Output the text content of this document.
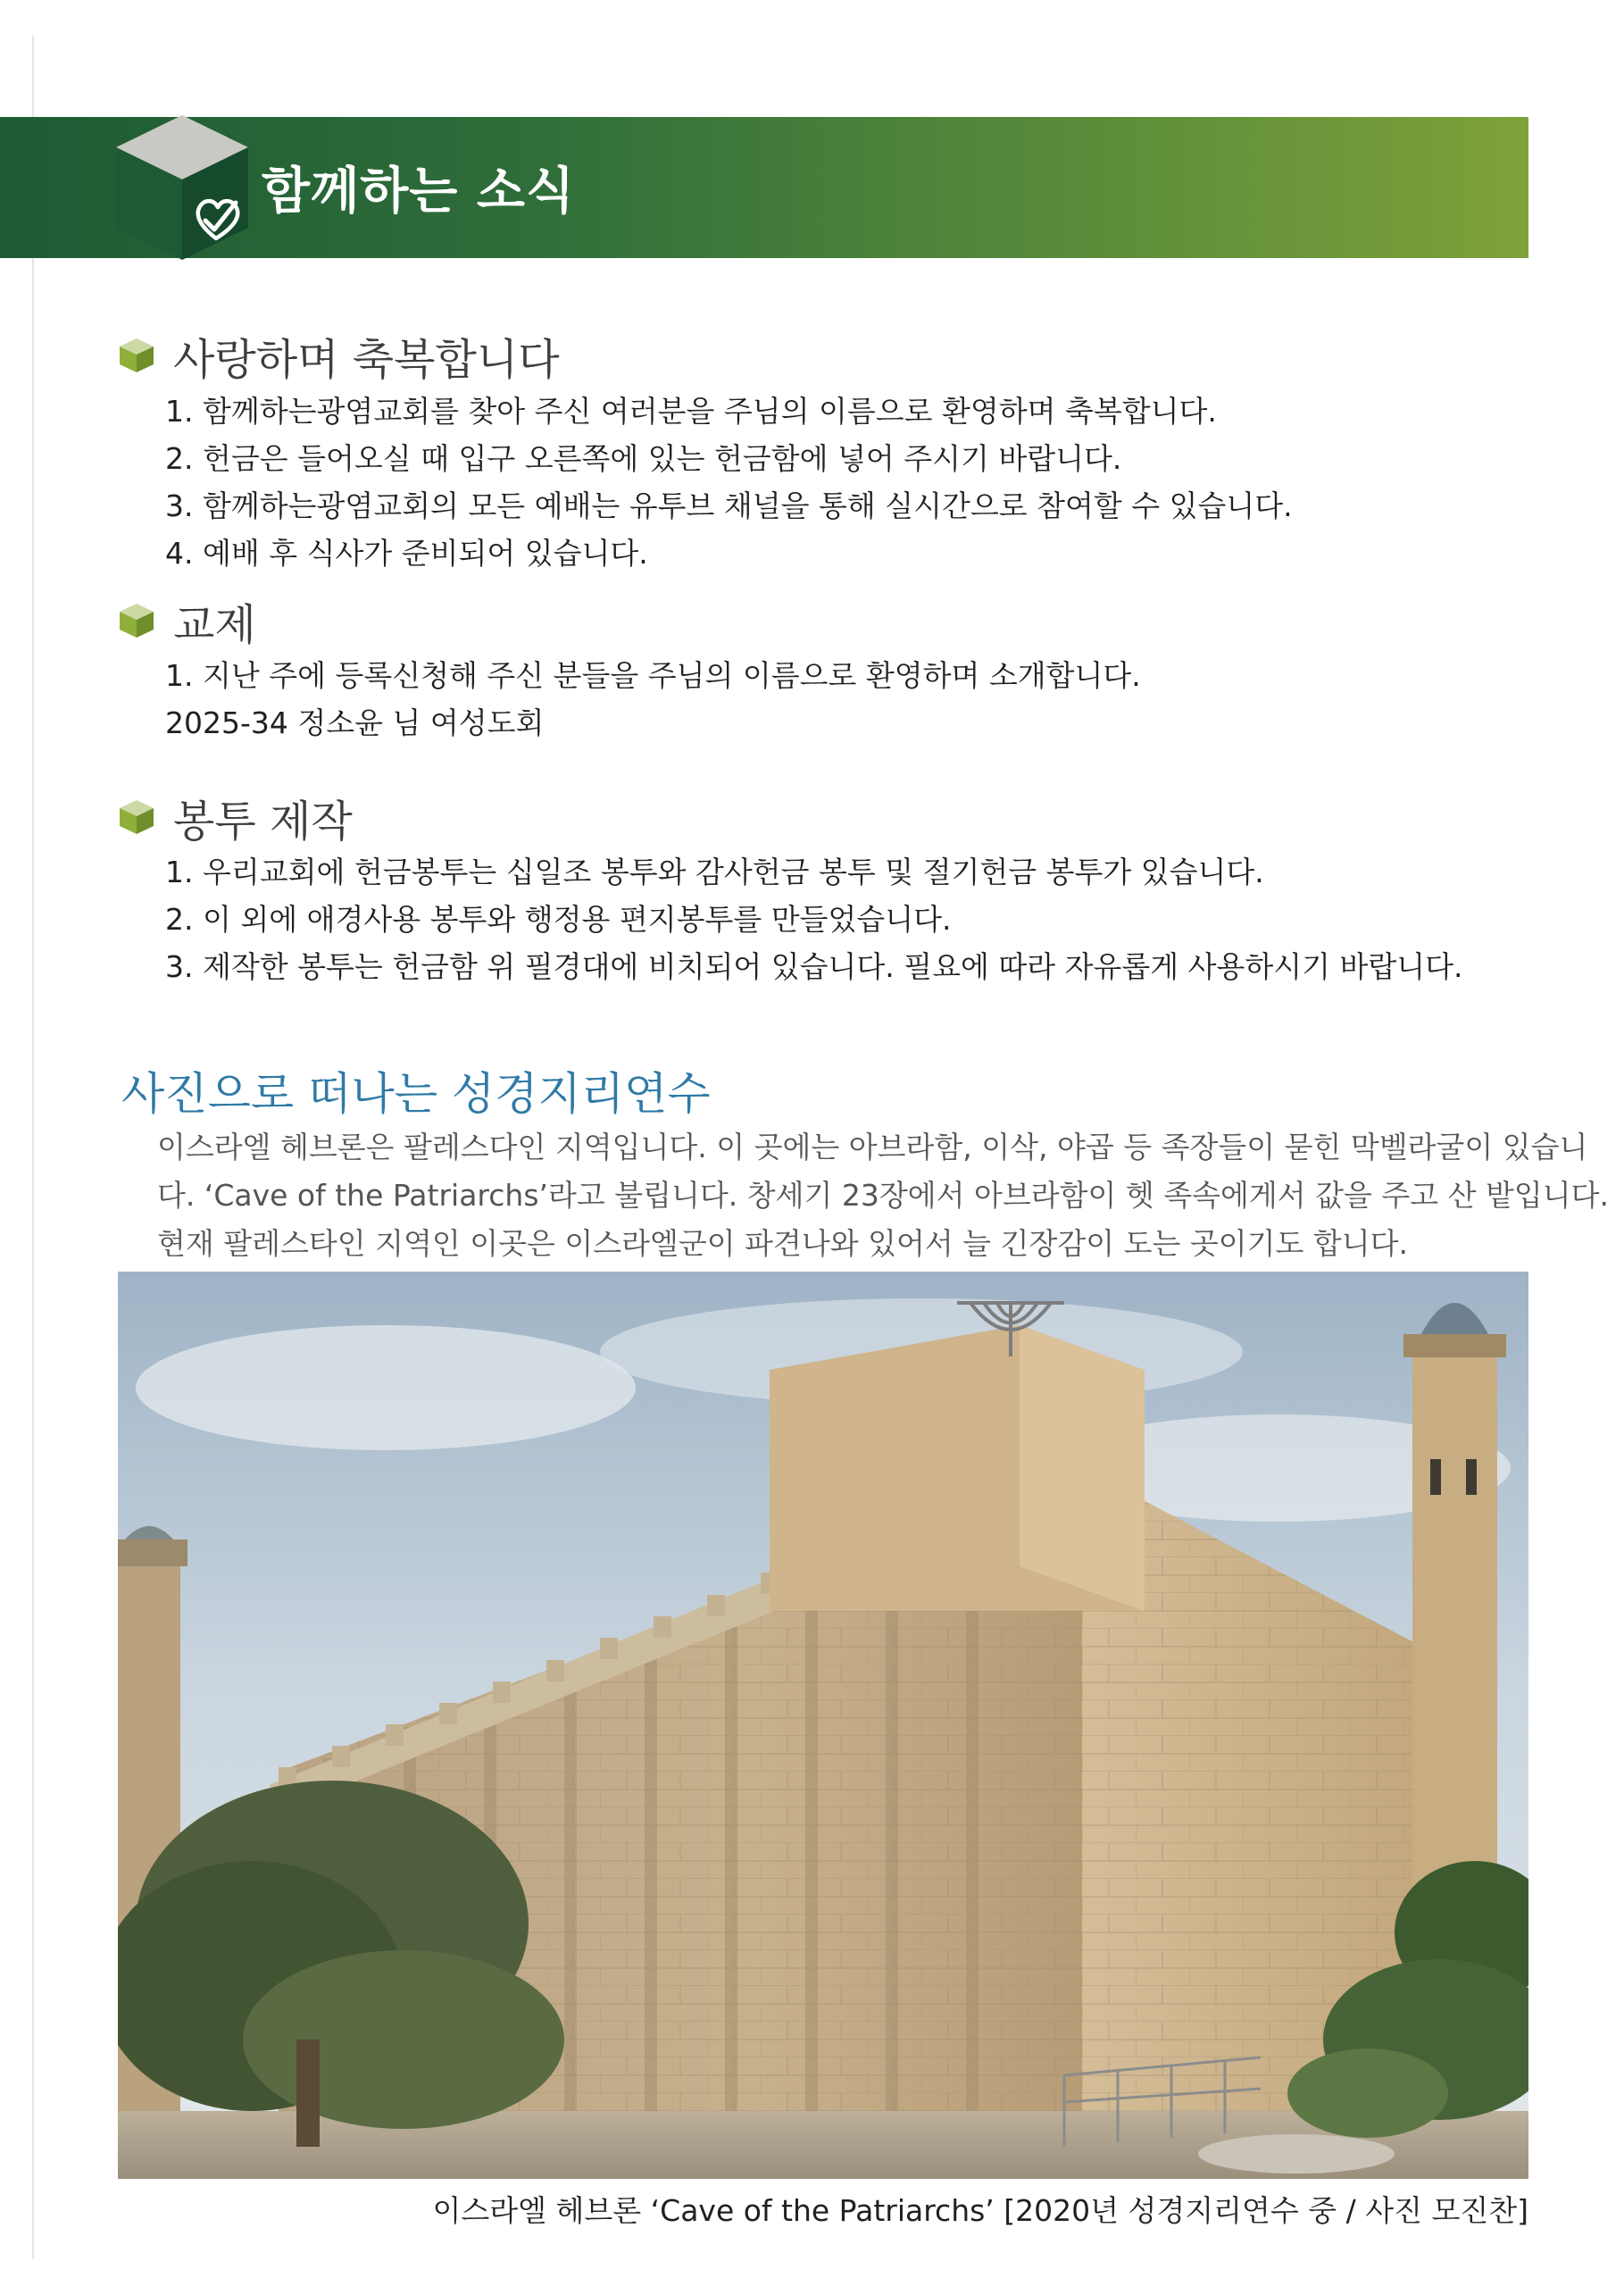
함께하는 소식
사랑하며 축복합니다
1. 함께하는광염교회를 찾아 주신 여러분을 주님의 이름으로 환영하며 축복합니다.
2. 헌금은 들어오실 때 입구 오른쪽에 있는 헌금함에 넣어 주시기 바랍니다.
3. 함께하는광염교회의 모든 예배는 유투브 채널을 통해 실시간으로 참여할 수 있습니다.
4. 예배 후 식사가 준비되어 있습니다.
교제
1. 지난 주에 등록신청해 주신 분들을 주님의 이름으로 환영하며 소개합니다.
2025-34 정소윤 님 여성도회
봉투 제작
1. 우리교회에 헌금봉투는 십일조 봉투와 감사헌금 봉투 및 절기헌금 봉투가 있습니다.
2. 이 외에 애경사용 봉투와 행정용 편지봉투를 만들었습니다.
3. 제작한 봉투는 헌금함 위 필경대에 비치되어 있습니다. 필요에 따라 자유롭게 사용하시기 바랍니다.
사진으로 떠나는 성경지리연수
이스라엘 헤브론은 팔레스다인 지역입니다. 이 곳에는 아브라함, 이삭, 야곱 등 족장들이 묻힌 막벨라굴이 있습니
다. ‘Cave of the Patriarchs’라고 불립니다. 창세기 23장에서 아브라함이 헷 족속에게서 값을 주고 산 밭입니다.
현재 팔레스타인 지역인 이곳은 이스라엘군이 파견나와 있어서 늘 긴장감이 도는 곳이기도 합니다.
이스라엘 헤브론 ‘Cave of the Patriarchs’ [2020년 성경지리연수 중 / 사진 모진찬]
